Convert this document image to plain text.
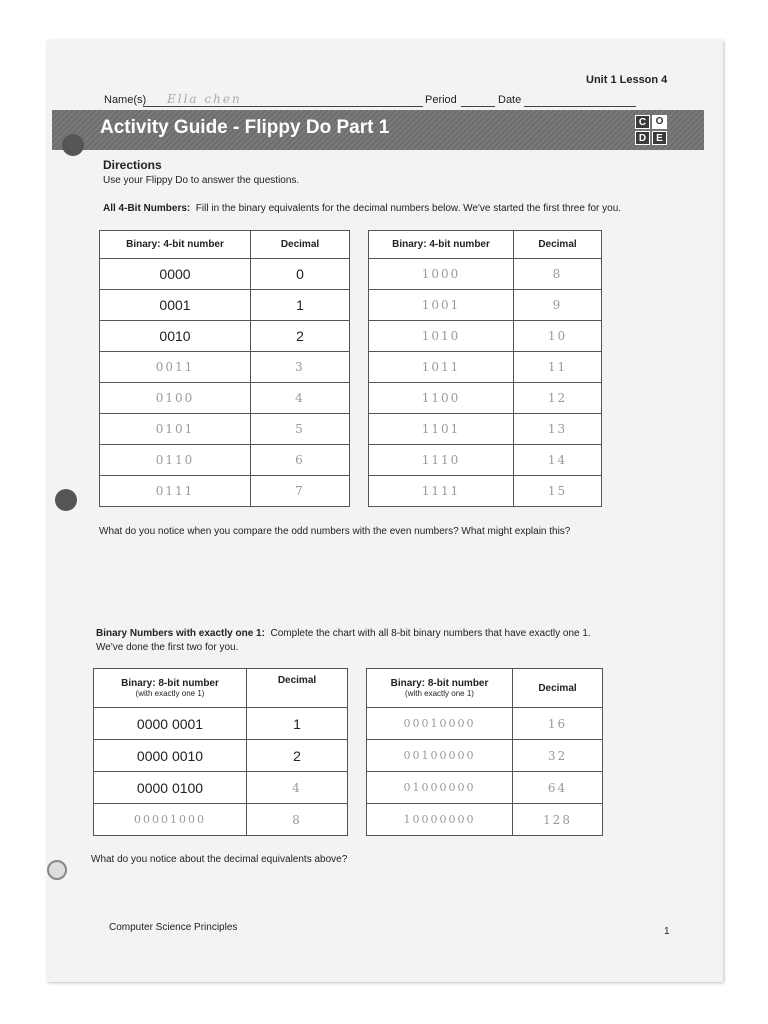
Unit 1 Lesson 4
Name(s) Ella chen	Period	Date
Activity Guide - Flippy Do Part 1	C O
D	E
Directions
Use your Flippy Do to answer the questions.
All 4-Bit Numbers: Fill in the binary equivalents for the decimal numbers below. We've started the first three for you.
Binary: 4-bit number	Decimal
0000	0
0001	1
0010	2
0011	3
0100	4
0101	5
0110	6
0111	7
Binary: 4-bit number	Decimal
1000	8
1001	9
1010	10
1011	11
1100	12
1101	13
1110	14
1111	15
What do you notice when you compare the odd numbers with the even numbers? What might explain this?
Binary Numbers with exactly one 1: Complete the chart with all 8-bit binary numbers that have exactly one 1.
We've done the first two for you.
Binary: 8-bit number
(with exactly one 1)	Decimal
0000 0001	1
0000 0010	2
0000 0100	4
00001000	8
Binary: 8-bit number
(with exactly one 1)	Decimal
00010000	16
00100000	32
01000000	64
10000000	128
What do you notice about the decimal equivalents above?
Computer Science Principles	1
